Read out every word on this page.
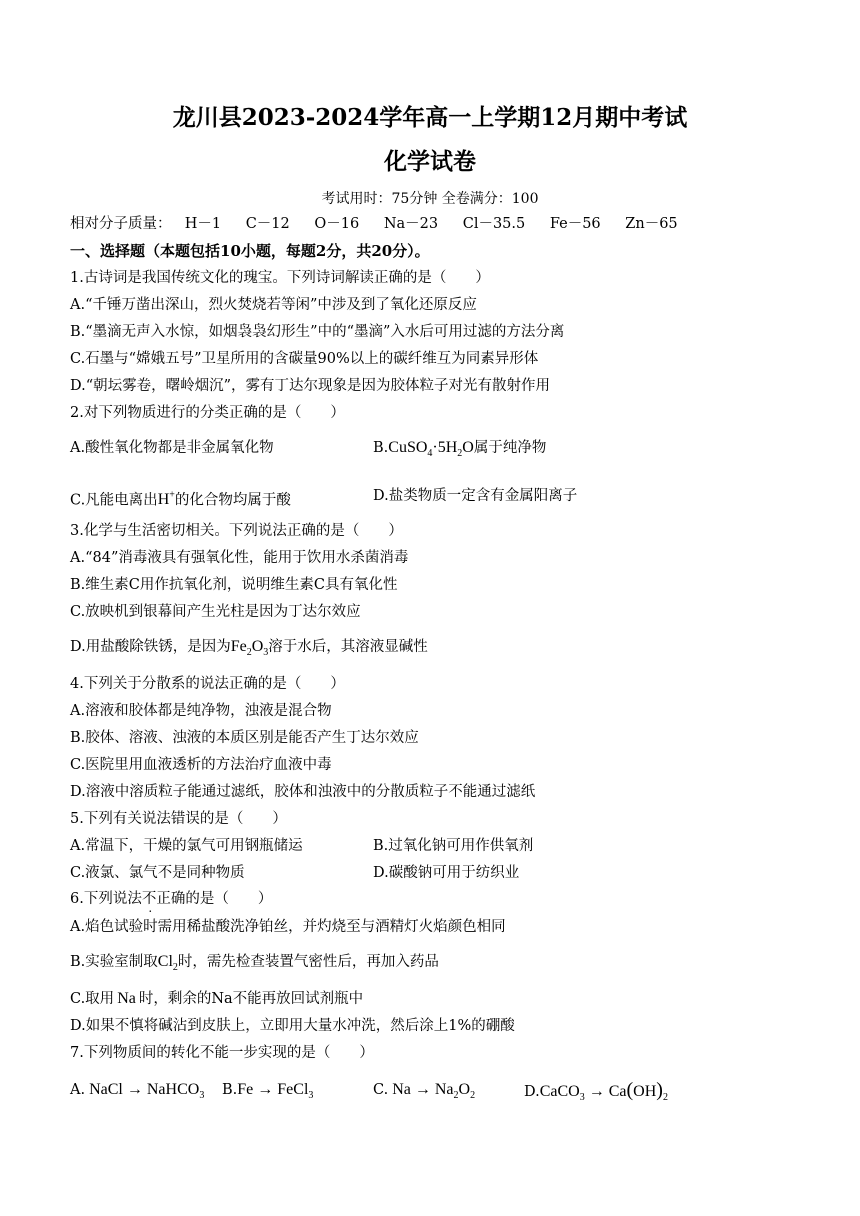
龙川县2023-2024学年高一上学期12月期中考试
化学试卷
考试用时：75分钟 全卷满分：100
相对分子质量： H－1 C－12 O－16 Na－23 Cl－35.5 Fe－56 Zn－65
一、选择题（本题包括10小题，每题2分，共20分）。
1.古诗词是我国传统文化的瑰宝。下列诗词解读正确的是（　　）
A.“千锤万凿出深山，烈火焚烧若等闲”中涉及到了氧化还原反应
B.“墨滴无声入水惊，如烟袅袅幻形生”中的“墨滴”入水后可用过滤的方法分离
C.石墨与“嫦娥五号”卫星所用的含碳量90%以上的碳纤维互为同素异形体
D.“朝坛雾卷，曙岭烟沉”，雾有丁达尔现象是因为胶体粒子对光有散射作用
2.对下列物质进行的分类正确的是（　　）
A.酸性氧化物都是非金属氧化物	$B.CuSO_4\cdot 5H_2O$属于纯净物
C.凡能电离出H+的化合物均属于酸	D.盐类物质一定含有金属阳离子
3.化学与生活密切相关。下列说法正确的是（　　）
A.“84”消毒液具有强氧化性，能用于饮用水杀菌消毒
B.维生素C用作抗氧化剂，说明维生素C具有氧化性
C.放映机到银幕间产生光柱是因为丁达尔效应
D.用盐酸除铁锈，是因为$Fe_2O_3$溶于水后，其溶液显碱性
4.下列关于分散系的说法正确的是（　　）
A.溶液和胶体都是纯净物，浊液是混合物
B.胶体、溶液、浊液的本质区别是能否产生丁达尔效应
C.医院里用血液透析的方法治疗血液中毒
D.溶液中溶质粒子能通过滤纸，胶体和浊液中的分散质粒子不能通过滤纸
5.下列有关说法错误的是（　　）
A.常温下，干燥的氯气可用钢瓶储运	B.过氧化钠可用作供氧剂
C.液氯、氯气不是同种物质	D.碳酸钠可用于纺织业
6.下列说法不正确的是（　　）
A.焰色试验时需用稀盐酸洗净铂丝，并灼烧至与酒精灯火焰颜色相同
B.实验室制取$Cl_2$时，需先检查装置气密性后，再加入药品
C.取用 Na 时，剩余的Na不能再放回试剂瓶中
D.如果不慎将碱沾到皮肤上，立即用大量水冲洗，然后涂上1%的硼酸
7.下列物质间的转化不能一步实现的是（　　）
A. NaCl → NaHCO$_3$ B.Fe → FeCl$_3$	C. $Na \to Na_2O_2$	D.CaCO$_3$ → $Ca(OH)_2$
